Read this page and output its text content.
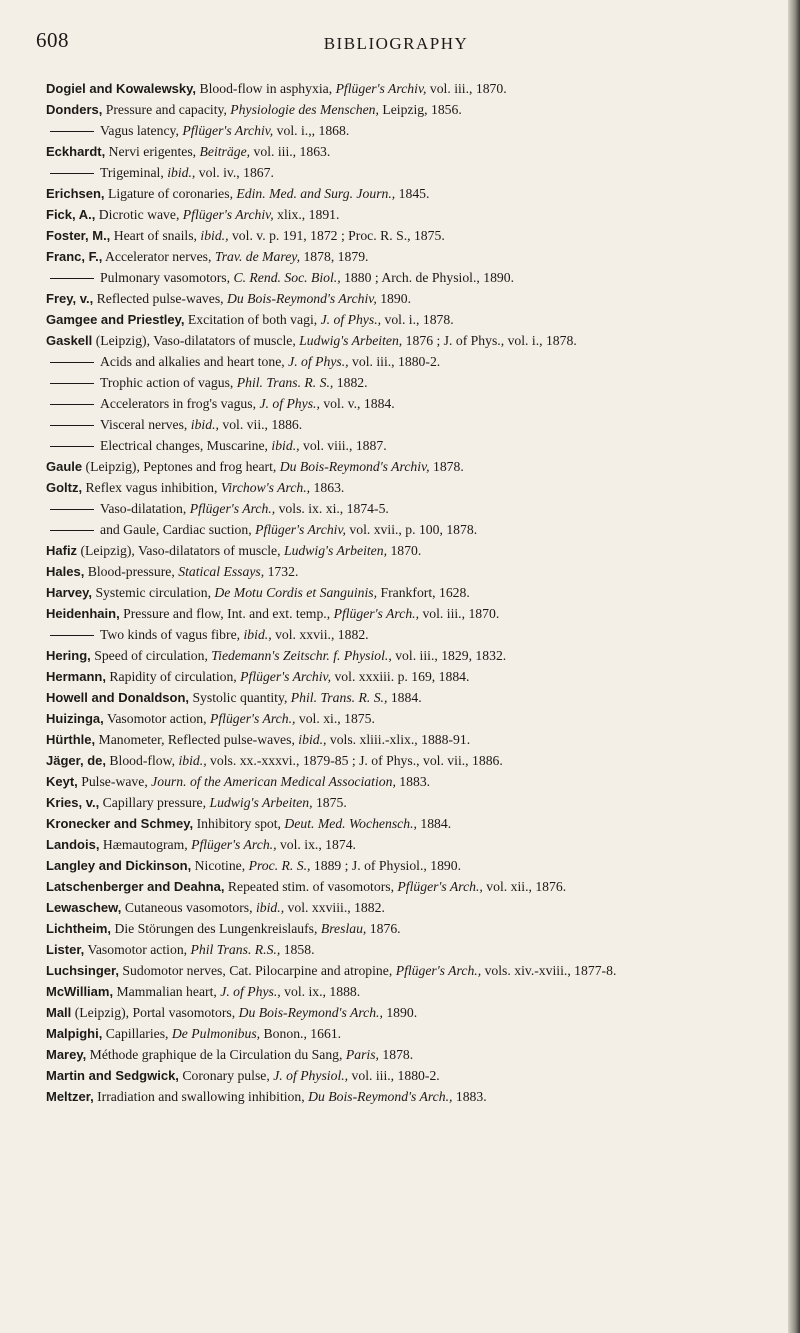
608	BIBLIOGRAPHY
Dogiel and Kowalewsky, Blood-flow in asphyxia, Pflüger's Archiv, vol. iii., 1870.
Donders, Pressure and capacity, Physiologie des Menschen, Leipzig, 1856.
Vagus latency, Pflüger's Archiv, vol. i.,, 1868.
Eckhardt, Nervi erigentes, Beiträge, vol. iii., 1863.
Trigeminal, ibid., vol. iv., 1867.
Erichsen, Ligature of coronaries, Edin. Med. and Surg. Journ., 1845.
Fick, A., Dicrotic wave, Pflüger's Archiv, xlix., 1891.
Foster, M., Heart of snails, ibid., vol. v. p. 191, 1872 ; Proc. R. S., 1875.
Franc, F., Accelerator nerves, Trav. de Marey, 1878, 1879.
Pulmonary vasomotors, C. Rend. Soc. Biol., 1880 ; Arch. de Physiol., 1890.
Frey, v., Reflected pulse-waves, Du Bois-Reymond's Archiv, 1890.
Gamgee and Priestley, Excitation of both vagi, J. of Phys., vol. i., 1878.
Gaskell (Leipzig), Vaso-dilatators of muscle, Ludwig's Arbeiten, 1876 ; J. of Phys., vol. i., 1878.
Acids and alkalies and heart tone, J. of Phys., vol. iii., 1880-2.
Trophic action of vagus, Phil. Trans. R. S., 1882.
Accelerators in frog's vagus, J. of Phys., vol. v., 1884.
Visceral nerves, ibid., vol. vii., 1886.
Electrical changes, Muscarine, ibid., vol. viii., 1887.
Gaule (Leipzig), Peptones and frog heart, Du Bois-Reymond's Archiv, 1878.
Goltz, Reflex vagus inhibition, Virchow's Arch., 1863.
Vaso-dilatation, Pflüger's Arch., vols. ix. xi., 1874-5.
and Gaule, Cardiac suction, Pflüger's Archiv, vol. xvii., p. 100, 1878.
Hafiz (Leipzig), Vaso-dilatators of muscle, Ludwig's Arbeiten, 1870.
Hales, Blood-pressure, Statical Essays, 1732.
Harvey, Systemic circulation, De Motu Cordis et Sanguinis, Frankfort, 1628.
Heidenhain, Pressure and flow, Int. and ext. temp., Pflüger's Arch., vol. iii., 1870.
Two kinds of vagus fibre, ibid., vol. xxvii., 1882.
Hering, Speed of circulation, Tiedemann's Zeitschr. f. Physiol., vol. iii., 1829, 1832.
Hermann, Rapidity of circulation, Pflüger's Archiv, vol. xxxiii. p. 169, 1884.
Howell and Donaldson, Systolic quantity, Phil. Trans. R. S., 1884.
Huizinga, Vasomotor action, Pflüger's Arch., vol. xi., 1875.
Hürthle, Manometer, Reflected pulse-waves, ibid., vols. xliii.-xlix., 1888-91.
Jäger, de, Blood-flow, ibid., vols. xx.-xxxvi., 1879-85 ; J. of Phys., vol. vii., 1886.
Keyt, Pulse-wave, Journ. of the American Medical Association, 1883.
Kries, v., Capillary pressure, Ludwig's Arbeiten, 1875.
Kronecker and Schmey, Inhibitory spot, Deut. Med. Wochensch., 1884.
Landois, Hæmautogram, Pflüger's Arch., vol. ix., 1874.
Langley and Dickinson, Nicotine, Proc. R. S., 1889 ; J. of Physiol., 1890.
Latschenberger and Deahna, Repeated stim. of vasomotors, Pflüger's Arch., vol. xii., 1876.
Lewaschew, Cutaneous vasomotors, ibid., vol. xxviii., 1882.
Lichtheim, Die Störungen des Lungenkreislaufs, Breslau, 1876.
Lister, Vasomotor action, Phil Trans. R.S., 1858.
Luchsinger, Sudomotor nerves, Cat. Pilocarpine and atropine, Pflüger's Arch., vols. xiv.-xviii., 1877-8.
McWilliam, Mammalian heart, J. of Phys., vol. ix., 1888.
Mall (Leipzig), Portal vasomotors, Du Bois-Reymond's Arch., 1890.
Malpighi, Capillaries, De Pulmonibus, Bonon., 1661.
Marey, Méthode graphique de la Circulation du Sang, Paris, 1878.
Martin and Sedgwick, Coronary pulse, J. of Physiol., vol. iii., 1880-2.
Meltzer, Irradiation and swallowing inhibition, Du Bois-Reymond's Arch., 1883.
